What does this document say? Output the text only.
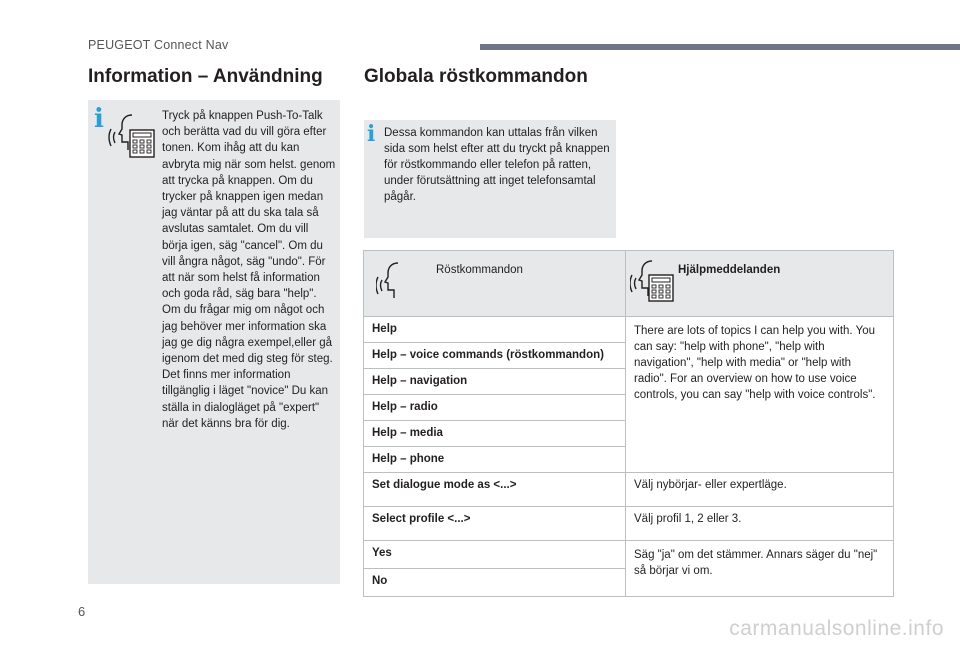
PEUGEOT Connect Nav
Information – Användning Globala röstkommandon
i	Tryck på knappen Push-To-Talk och berätta vad du vill göra efter tonen. Kom ihåg att du kan avbryta mig när som helst. genom att trycka på knappen. Om du trycker på knappen igen medan jag väntar på att du ska tala så avslutas samtalet. Om du vill börja igen, säg "cancel". Om du vill ångra något, säg "undo". För att när som helst få information och goda råd, säg bara "help". Om du frågar mig om något och jag behöver mer information ska jag ge dig några exempel,eller gå igenom det med dig steg för steg. Det finns mer information tillgänglig i läget "novice" Du kan ställa in dialogläget på "expert" när det känns bra för dig.
i Dessa kommandon kan uttalas från vilken sida som helst efter att du tryckt på knappen för röstkommando eller telefon på ratten, under förutsättning att inget telefonsamtal pågår.
Röstkommandon	Hjälpmeddelanden

Help	There are lots of topics I can help you with. You can say: "help with phone", "help with navigation", "help with media" or "help with radio". For an overview on how to use voice controls, you can say "help with voice controls".
Help – voice commands (röstkommandon)	
Help – navigation	
Help – radio	
Help – media	
Help – phone	
Set dialogue mode as <...>	Välj nybörjar- eller expertläge.
Select profile <...>	Välj profil 1, 2 eller 3.
Yes	Säg "ja" om det stämmer. Annars säger du "nej" så börjar vi om.
No	
6
carmanualsonline.info
